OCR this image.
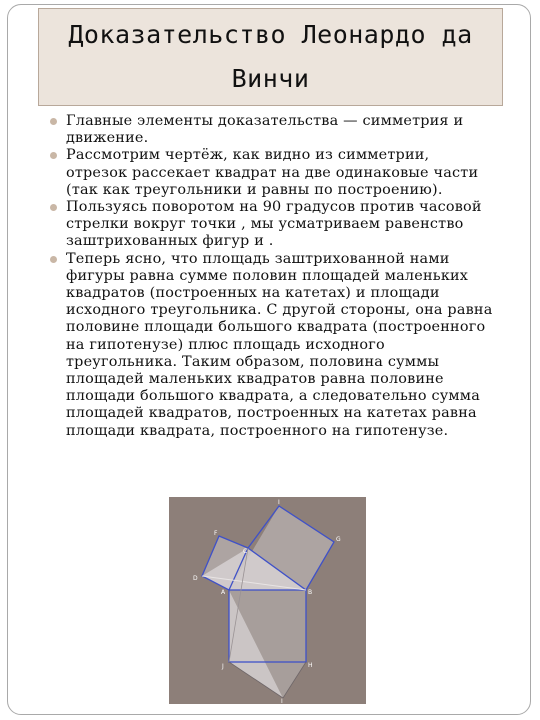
Доказательство Леонардо да
Винчи
Главные элементы доказательства — симметрия и движение.
Рассмотрим чертёж, как видно из симметрии, отрезок рассекает квадрат на две одинаковые части (так как треугольники и равны по построению).
Пользуясь поворотом на 90 градусов против часовой стрелки вокруг точки , мы усматриваем равенство заштрихованных фигур и .
Теперь ясно, что площадь заштрихованной нами фигуры равна сумме половин площадей маленьких квадратов (построенных на катетах) и площади исходного треугольника. С другой стороны, она равна половине площади большого квадрата (построенного на гипотенузе) плюс площадь исходного треугольника. Таким образом, половина суммы площадей маленьких квадратов равна половине площади большого квадрата, а следовательно сумма площадей квадратов, построенных на катетах равна площади квадрата, построенного на гипотенузе.
I
F
C
G
D
A	B
J	H
I
